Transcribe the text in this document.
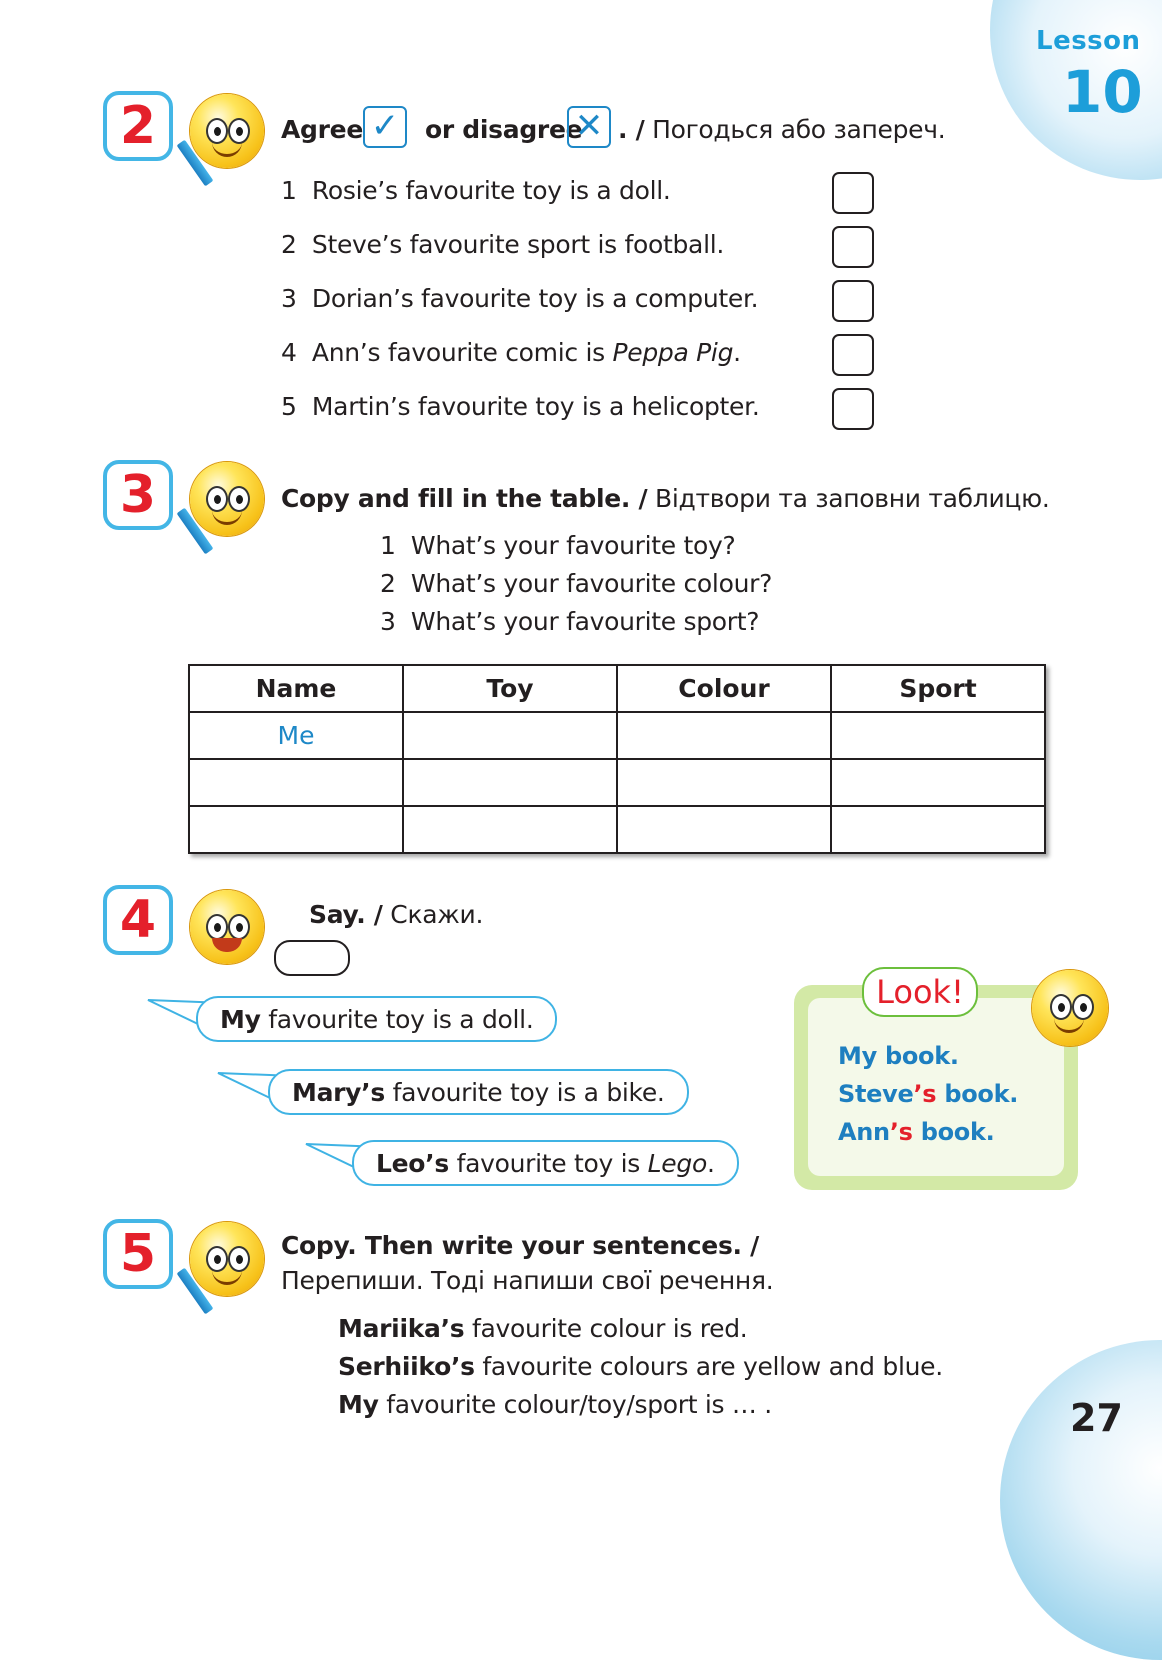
Lesson
10
2	Agree ✓	or disagree
✕ . / Погодься або запереч.
1 Rosie’s favourite toy is a doll.
2 Steve’s favourite sport is football.
3 Dorian’s favourite toy is a computer.
4 Ann’s favourite comic is Peppa Pig.
5 Martin’s favourite toy is a helicopter.
3	Copy and fill in the table. / Відтвори та заповни таблицю.
1 What’s your favourite toy?
2 What’s your favourite colour?
3 What’s your favourite sport?
Name	Toy	Colour	Sport
Me			

4	Say. / Скажи.
My favourite toy is a doll.
Mary’s favourite toy is a bike.
Leo’s favourite toy is Lego .
Look!
My book.
Steve’s book.
Ann’s book.
5	Copy. Then write your sentences. /
Перепиши. Тоді напиши свої речення.
Mariika’s favourite colour is red.
Serhiiko’s favourite colours are yellow and blue.
My favourite colour/toy/sport is … .	27
